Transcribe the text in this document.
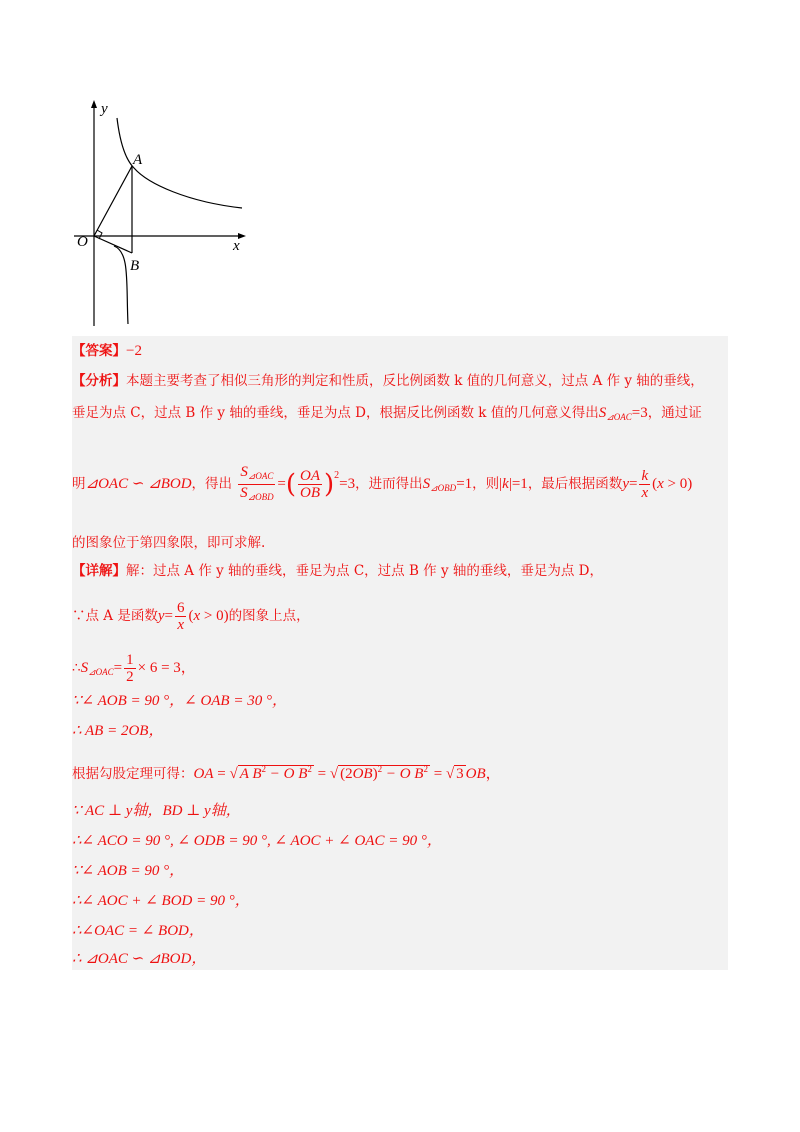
y
x
O
A
B
【答案】−2
【分析】本题主要考查了相似三角形的判定和性质，反比例函数 k 值的几何意义，过点 A 作 y 轴的垂线，
垂足为点 C，过点 B 作 y 轴的垂线，垂足为点 D，根据反比例函数 k 值的几何意义得出$S_{⊿OAC}=3$，通过证
明⊿OAC ∽ ⊿BOD，得出 $\frac{S_{⊿OAC}}{S_{⊿OBD}}$ =( $\frac{OA}{OB} )^2=3$，进而得出$S_{⊿OBD}=1$，则|k|=1，最后根据函数$y= \frac{k}{x} (x > 0)$
的图象位于第四象限，即可求解.
【详解】解：过点 A 作 y 轴的垂线，垂足为点 C，过点 B 作 y 轴的垂线，垂足为点 D，
∵点 A 是函数$y= \frac{6}{x} (x > 0)$的图象上点，
$\therefore S_{⊿OAC}= \frac{1}{2} \times 6 = 3$，
∵∠ AOB = 90 °，∠ OAB = 30 °，
∴ AB = 2OB，
根据勾股定理可得：OA = √ A $B^2 - O$ $B^2$ = √ $(2OB)^2 - O$ $B^2$ = √ 3 OB，
∵ AC ⊥ y轴，BD ⊥ y轴，
∴∠ ACO = 90 °, ∠ ODB = 90 °, ∠ AOC + ∠ OAC = 90 °，
∵∠ AOB = 90 °，
∴∠ AOC + ∠ BOD = 90 °，
∴∠OAC = ∠ BOD，
∴ ⊿OAC ∽ ⊿BOD，
